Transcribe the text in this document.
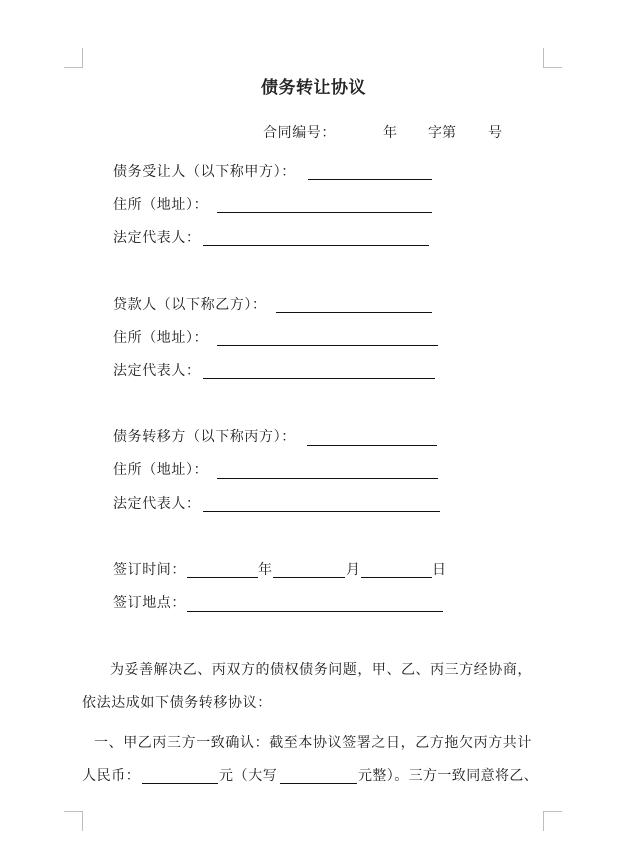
债务转让协议
合同编号：	年 字第 号
债务受让人（以下称甲方）：
住所（地址）：
法定代表人：
贷款人（以下称乙方）：
住所（地址）：
法定代表人：
债务转移方（以下称丙方）：
住所（地址）：
法定代表人：
签订时间：	年	月	日
签订地点：
为妥善解决乙、丙双方的债权债务问题，甲、乙、丙三方经协商，
依法达成如下债务转移协议：
一、甲乙丙三方一致确认：截至本协议签署之日，乙方拖欠丙方共计
人民币：	元（大写	元整）。三方一致同意将乙、
